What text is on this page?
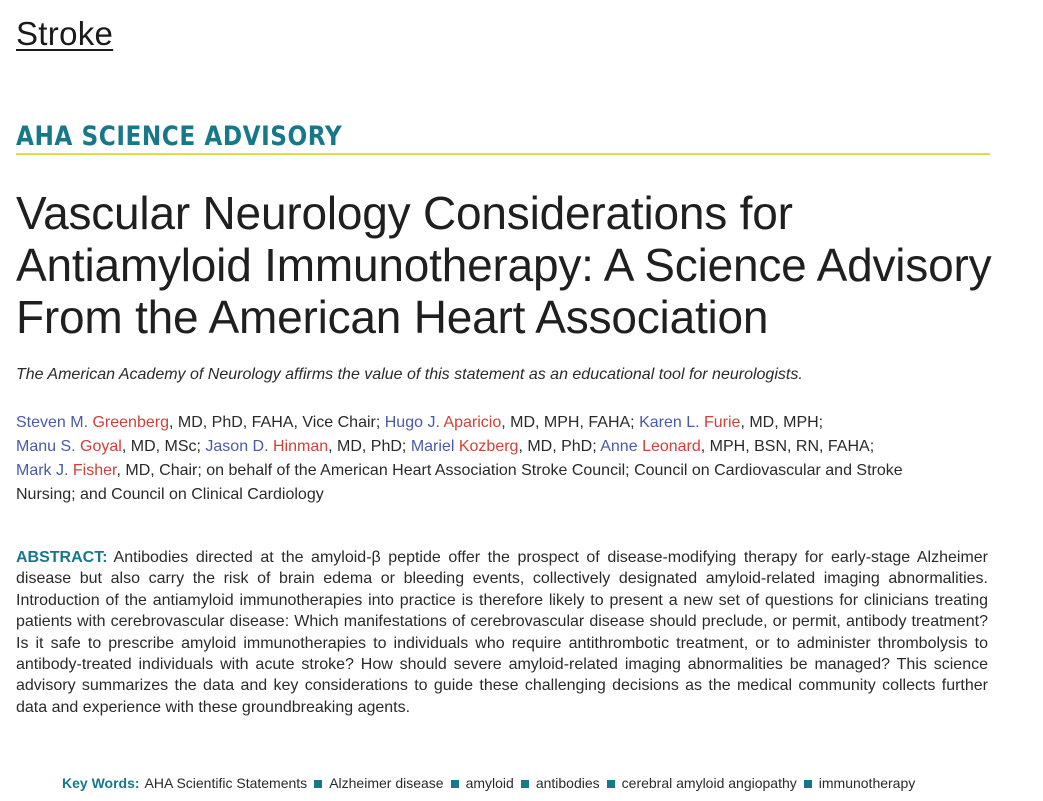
Stroke
AHA SCIENCE ADVISORY
Vascular Neurology Considerations for
Antiamyloid Immunotherapy: A Science Advisory
From the American Heart Association
The American Academy of Neurology affirms the value of this statement as an educational tool for neurologists.
Steven M. Greenberg, MD, PhD, FAHA, Vice Chair; Hugo J. Aparicio, MD, MPH, FAHA; Karen L. Furie, MD, MPH;
Manu S. Goyal, MD, MSc; Jason D. Hinman, MD, PhD; Mariel Kozberg, MD, PhD; Anne Leonard, MPH, BSN, RN, FAHA;
Mark J. Fisher, MD, Chair; on behalf of the American Heart Association Stroke Council; Council on Cardiovascular and Stroke
Nursing; and Council on Clinical Cardiology

ABSTRACT: Antibodies directed at the amyloid-β peptide offer the prospect of disease-modifying therapy for early-stage Alzheimer disease but also carry the risk of brain edema or bleeding events, collectively designated amyloid-related imaging abnormalities. Introduction of the antiamyloid immunotherapies into practice is therefore likely to present a new set of questions for clinicians treating patients with cerebrovascular disease: Which manifestations of cerebrovascular disease should preclude, or permit, antibody treatment? Is it safe to prescribe amyloid immunotherapies to individuals who require antithrombotic treatment, or to administer thrombolysis to antibody-treated individuals with acute stroke? How should severe amyloid-related imaging abnormalities be managed? This science advisory summarizes the data and key considerations to guide these challenging decisions as the medical community collects further data and experience with these groundbreaking agents.

Key Words: AHA Scientific Statements Alzheimer disease amyloid antibodies cerebral amyloid angiopathy immunotherapy
